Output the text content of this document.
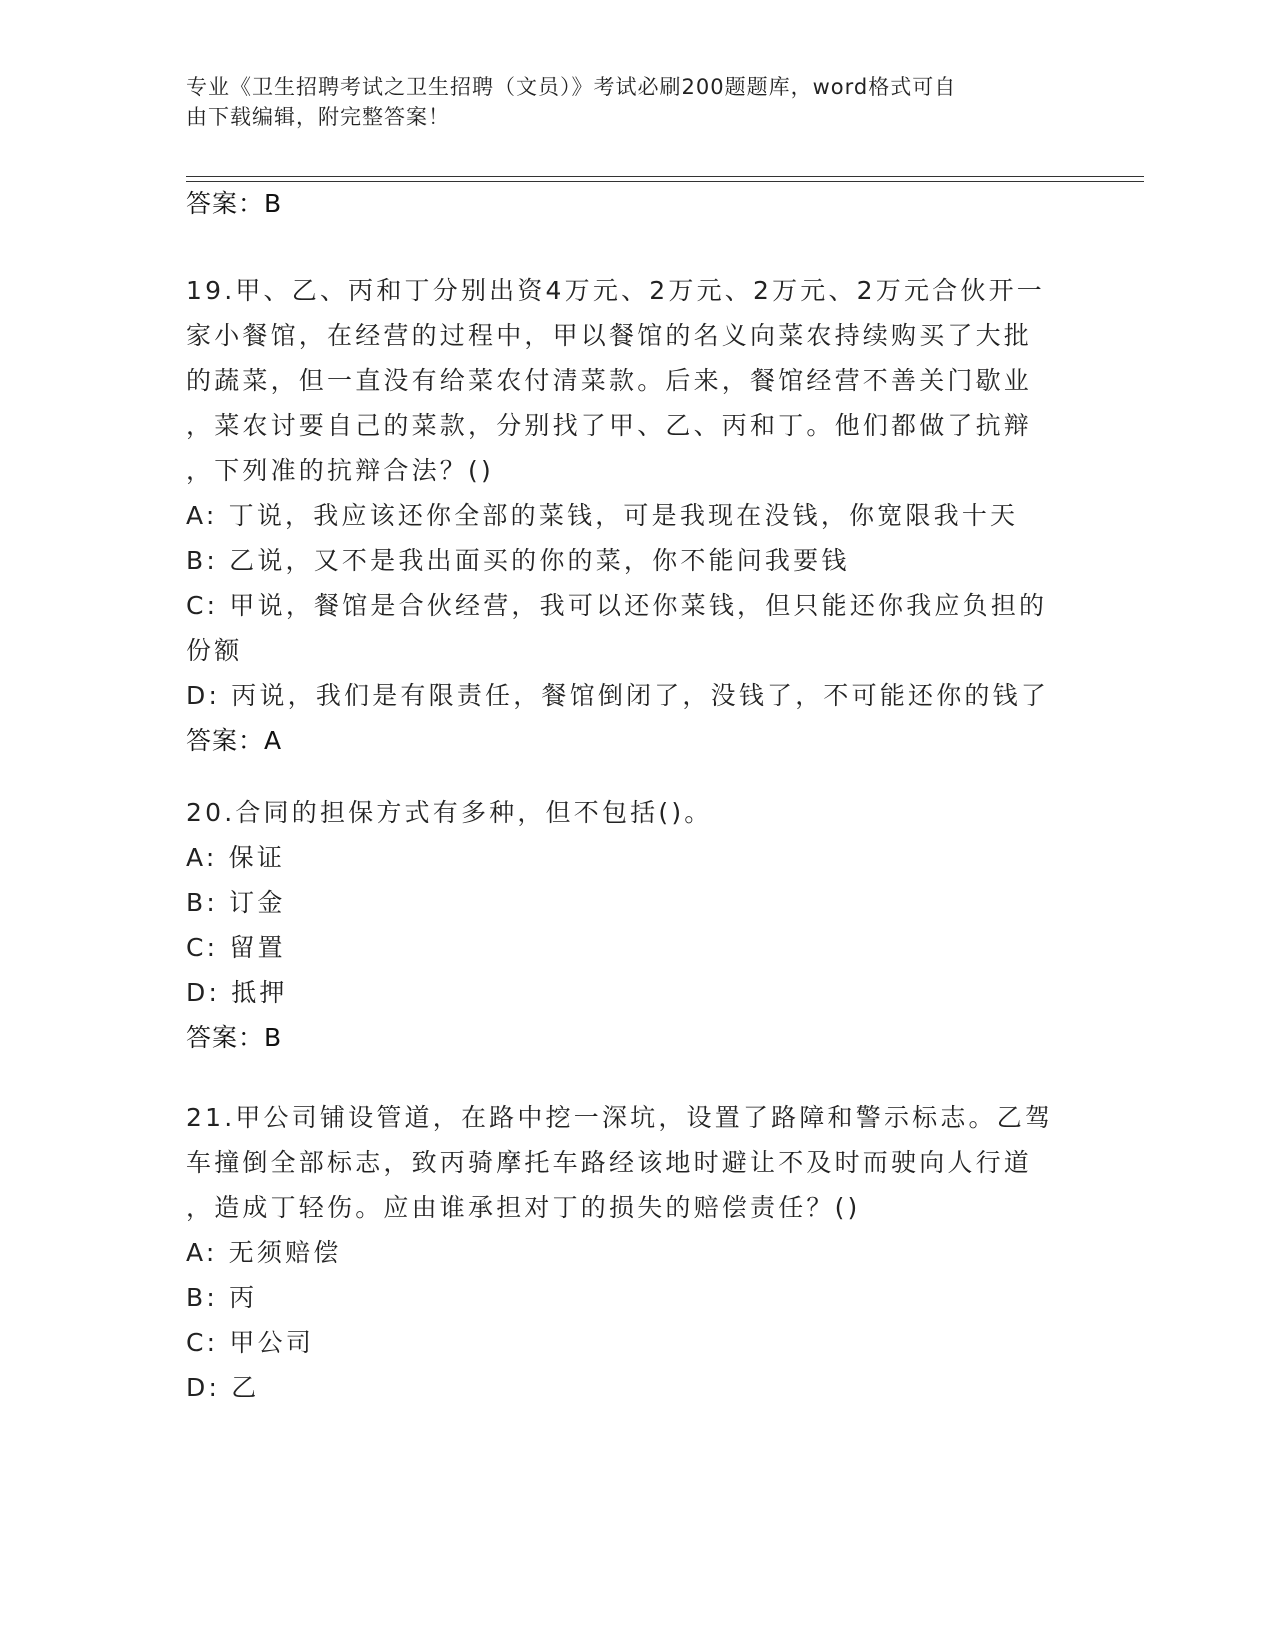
专业《卫生招聘考试之卫生招聘（文员）》考试必刷200题题库，word格式可自
由下载编辑，附完整答案！
答案：B
19.甲、乙、丙和丁分别出资4万元、2万元、2万元、2万元合伙开一
家小餐馆，在经营的过程中，甲以餐馆的名义向菜农持续购买了大批
的蔬菜，但一直没有给菜农付清菜款。后来，餐馆经营不善关门歇业
，菜农讨要自己的菜款，分别找了甲、乙、丙和丁。他们都做了抗辩
，下列准的抗辩合法？()
A: 丁说，我应该还你全部的菜钱，可是我现在没钱，你宽限我十天
B: 乙说，又不是我出面买的你的菜，你不能问我要钱
C: 甲说，餐馆是合伙经营，我可以还你菜钱，但只能还你我应负担的
份额
D: 丙说，我们是有限责任，餐馆倒闭了，没钱了，不可能还你的钱了
答案：A
20.合同的担保方式有多种，但不包括()。
A: 保证
B: 订金
C: 留置
D: 抵押
答案：B
21.甲公司铺设管道，在路中挖一深坑，设置了路障和警示标志。乙驾
车撞倒全部标志，致丙骑摩托车路经该地时避让不及时而驶向人行道
，造成丁轻伤。应由谁承担对丁的损失的赔偿责任？()
A: 无须赔偿
B: 丙
C: 甲公司
D: 乙
